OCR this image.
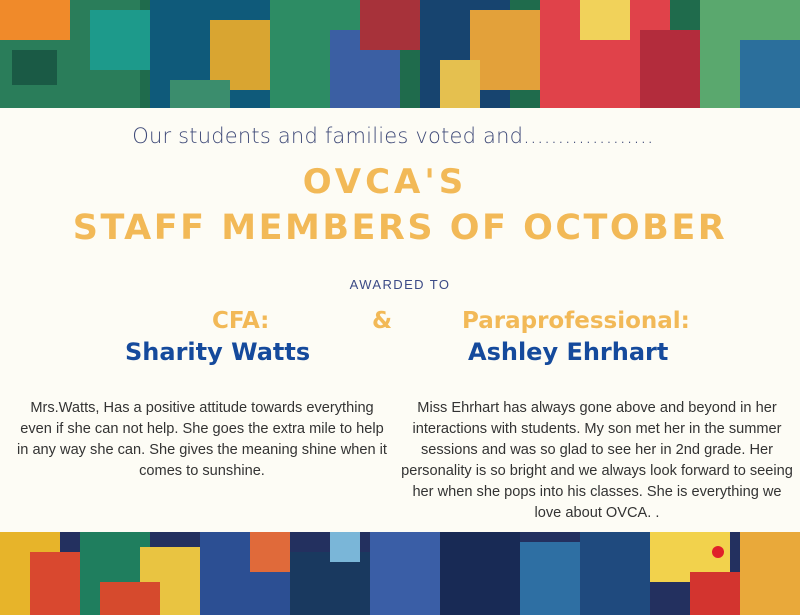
Our students and families voted and...................
OVCA'S
STAFF MEMBERS OF OCTOBER
AWARDED TO
CFA:	&	Paraprofessional:
Sharity Watts	Ashley Ehrhart
Mrs.Watts, Has a positive attitude towards everything even if she can not help. She goes the extra mile to help in any way she can. She gives the meaning shine when it comes to sunshine.
Miss Ehrhart has always gone above and beyond in her interactions with students. My son met her in the summer sessions and was so glad to see her in 2nd grade. Her personality is so bright and we always look forward to seeing her when she pops into his classes. She is everything we love about OVCA. .
